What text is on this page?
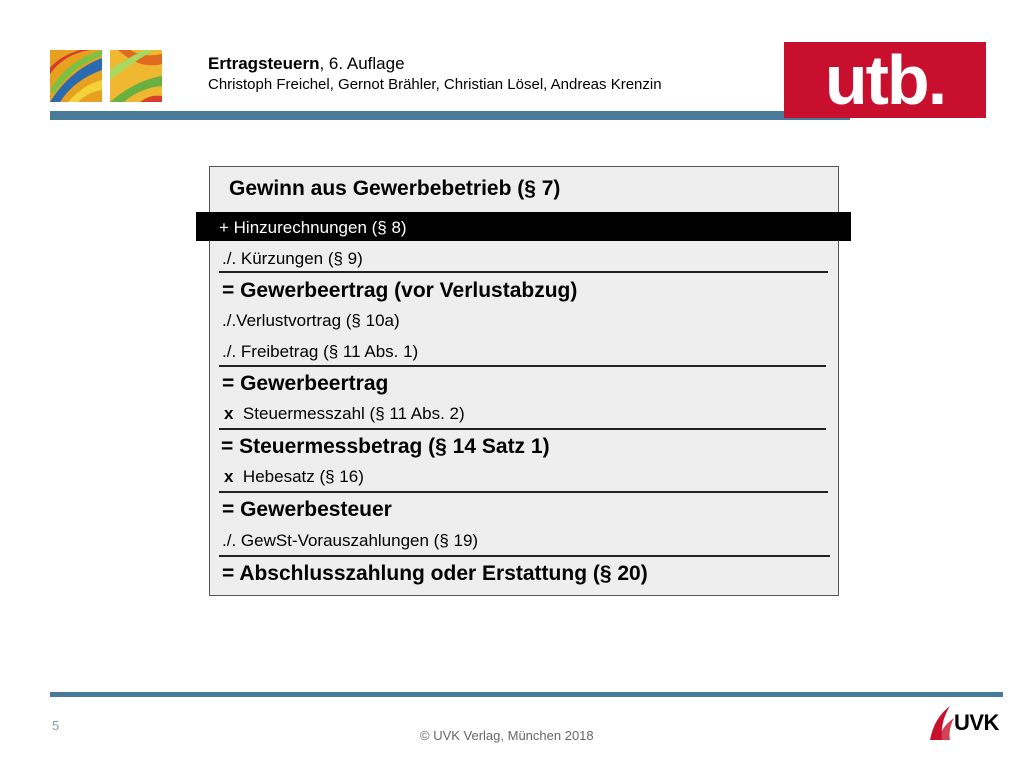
Ertragsteuern, 6. Auflage
Christoph Freichel, Gernot Brähler, Christian Lösel, Andreas Krenzin	utb.
Gewinn aus Gewerbebetrieb (§ 7)
+ Hinzurechnungen (§ 8)
./. Kürzungen (§ 9)
= Gewerbeertrag (vor Verlustabzug)
./.Verlustvortrag (§ 10a)
./. Freibetrag (§ 11 Abs. 1)
= Gewerbeertrag
x Steuermesszahl (§ 11 Abs. 2)
= Steuermessbetrag (§ 14 Satz 1)
x Hebesatz (§ 16)
= Gewerbesteuer
./. GewSt-Vorauszahlungen (§ 19)
= Abschlusszahlung oder Erstattung (§ 20)
5
© UVK Verlag, München 2018
UVK
